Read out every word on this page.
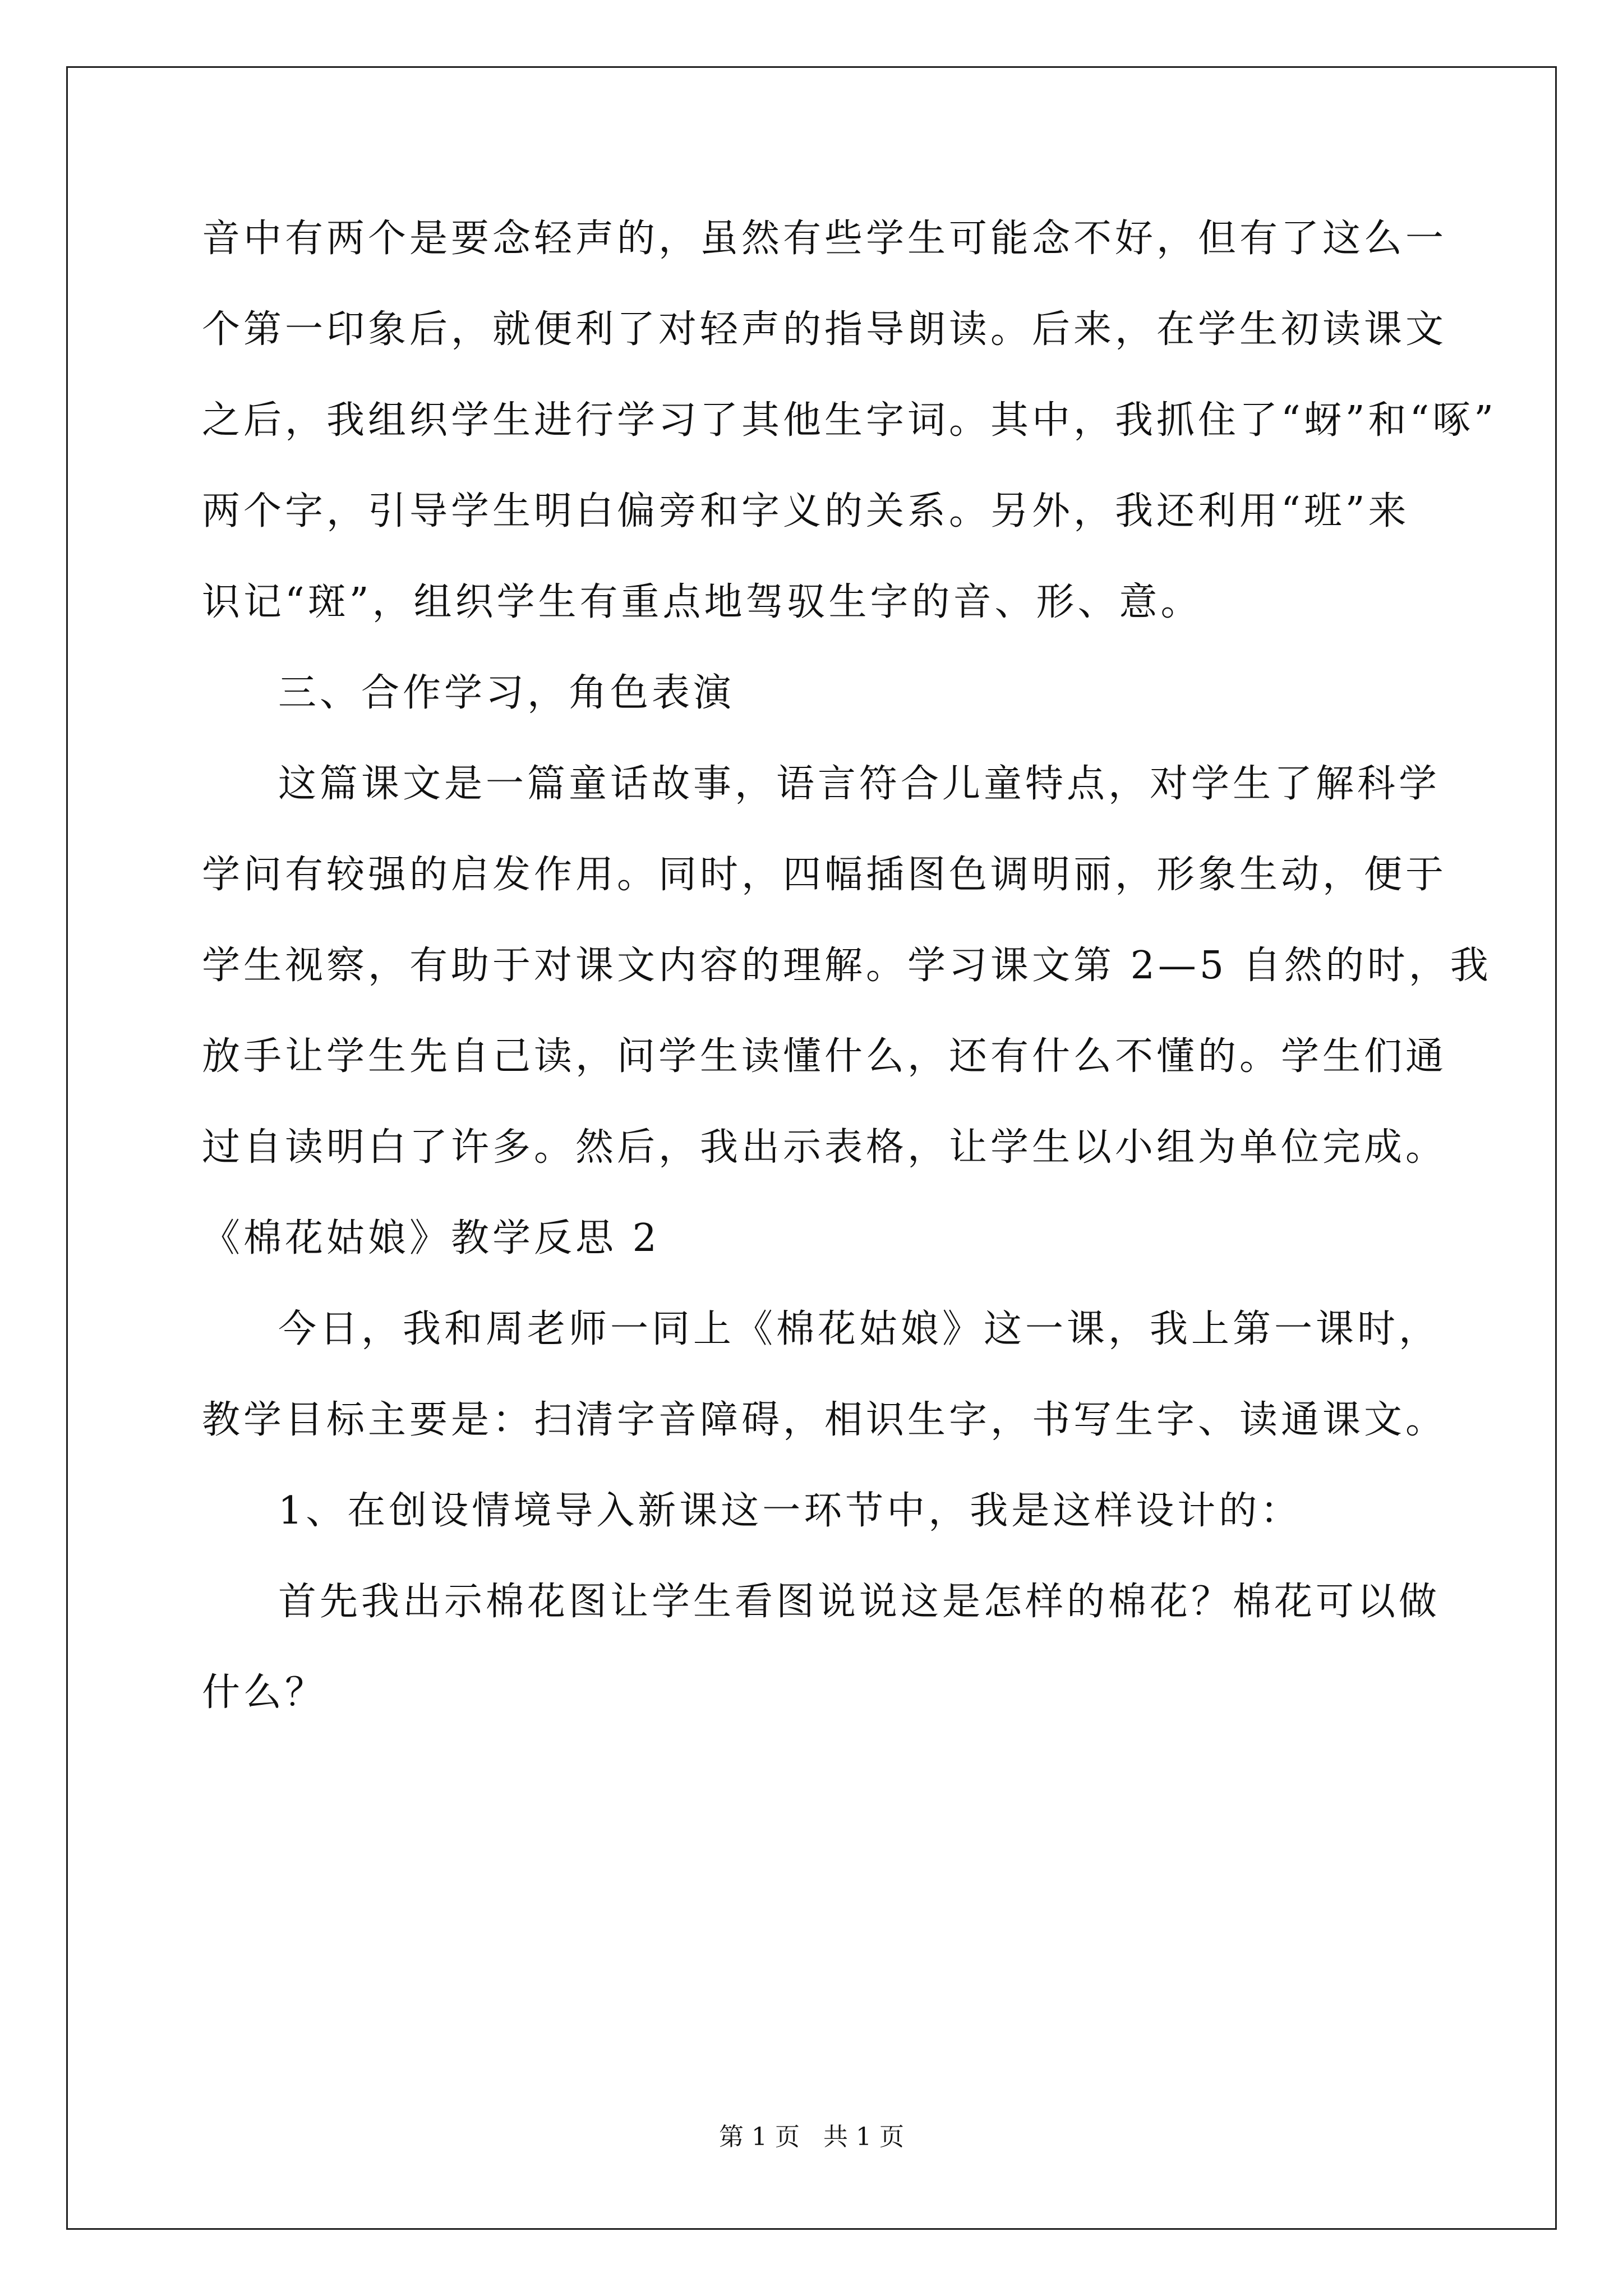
音中有两个是要念轻声的，虽然有些学生可能念不好，但有了这么一
个第一印象后，就便利了对轻声的指导朗读。后来，在学生初读课文
之后，我组织学生进行学习了其他生字词。其中，我抓住了“蚜”和“啄”
两个字，引导学生明白偏旁和字义的关系。另外，我还利用“班”来
识记“斑”，组织学生有重点地驾驭生字的音、形、意。
三、合作学习，角色表演
这篇课文是一篇童话故事，语言符合儿童特点，对学生了解科学
学问有较强的启发作用。同时，四幅插图色调明丽，形象生动，便于
学生视察，有助于对课文内容的理解。学习课文第 2—5 自然的时，我
放手让学生先自己读，问学生读懂什么，还有什么不懂的。学生们通
过自读明白了许多。然后，我出示表格，让学生以小组为单位完成。
《棉花姑娘》教学反思 2
今日，我和周老师一同上《棉花姑娘》这一课，我上第一课时，
教学目标主要是：扫清字音障碍，相识生字，书写生字、读通课文。
1、在创设情境导入新课这一环节中，我是这样设计的：
首先我出示棉花图让学生看图说说这是怎样的棉花？棉花可以做
什么？
第 1 页   共 1 页
